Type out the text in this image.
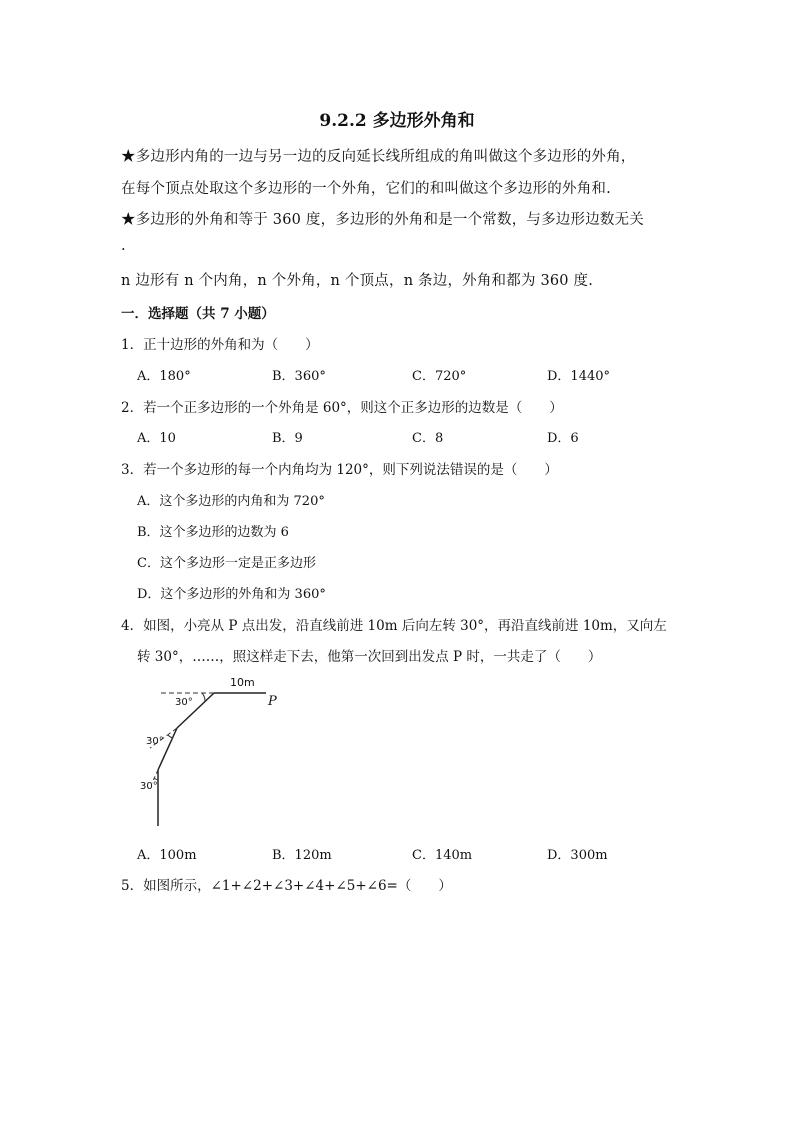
9.2.2 多边形外角和
★多边形内角的一边与另一边的反向延长线所组成的角叫做这个多边形的外角，
在每个顶点处取这个多边形的一个外角，它们的和叫做这个多边形的外角和.
★多边形的外角和等于 360 度，多边形的外角和是一个常数，与多边形边数无关
.
n 边形有 n 个内角，n 个外角，n 个顶点，n 条边，外角和都为 360 度.
一．选择题（共 7 小题）
1．正十边形的外角和为（　　）
A．180°	B．360°	C．720°	D．1440°
2．若一个正多边形的一个外角是 60°，则这个正多边形的边数是（　　）
A．10	B．9	C．8	D．6
3．若一个多边形的每一个内角均为 120°，则下列说法错误的是（　　）
A．这个多边形的内角和为 720°
B．这个多边形的边数为 6
C．这个多边形一定是正多边形
D．这个多边形的外角和为 360°
4．如图，小亮从 P 点出发，沿直线前进 10m 后向左转 30°，再沿直线前进 10m，又向左
转 30°，……，照这样走下去，他第一次回到出发点 P 时，一共走了（　　）
10m
P
30°
30°
30°
A．100m	B．120m	C．140m	D．300m
5．如图所示，∠1+∠2+∠3+∠4+∠5+∠6=（　　）
